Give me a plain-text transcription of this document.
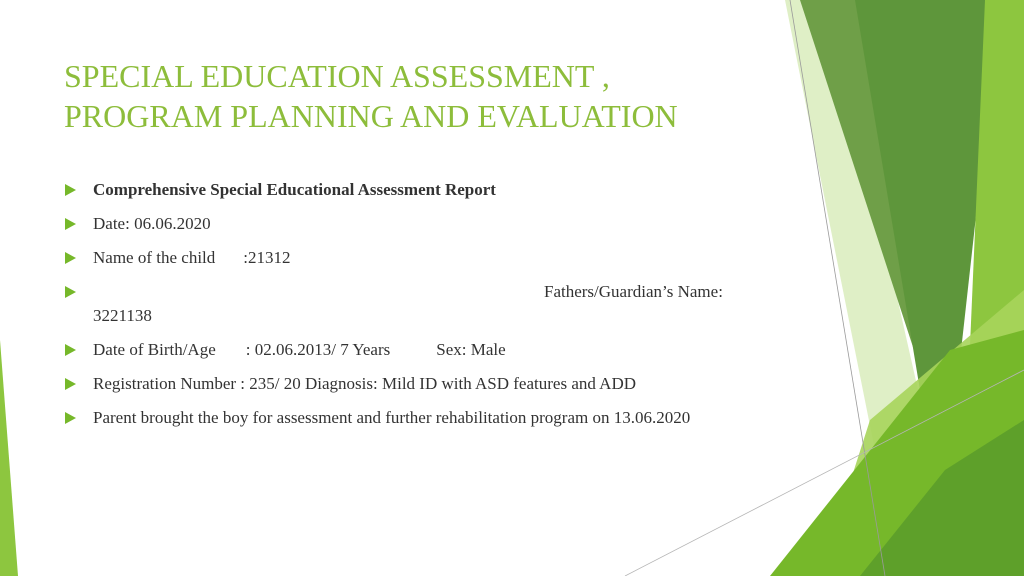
SPECIAL EDUCATION ASSESSMENT ,
PROGRAM PLANNING AND EVALUATION
Comprehensive Special Educational Assessment Report
Date: 06.06.2020
Name of the child :21312
Fathers/Guardian’s Name:
3221138
Date of Birth/Age : 02.06.2013/ 7 Years	Sex: Male
Registration Number : 235/ 20 Diagnosis: Mild ID with ASD features and ADD
Parent brought the boy for assessment and further rehabilitation program on 13.06.2020
